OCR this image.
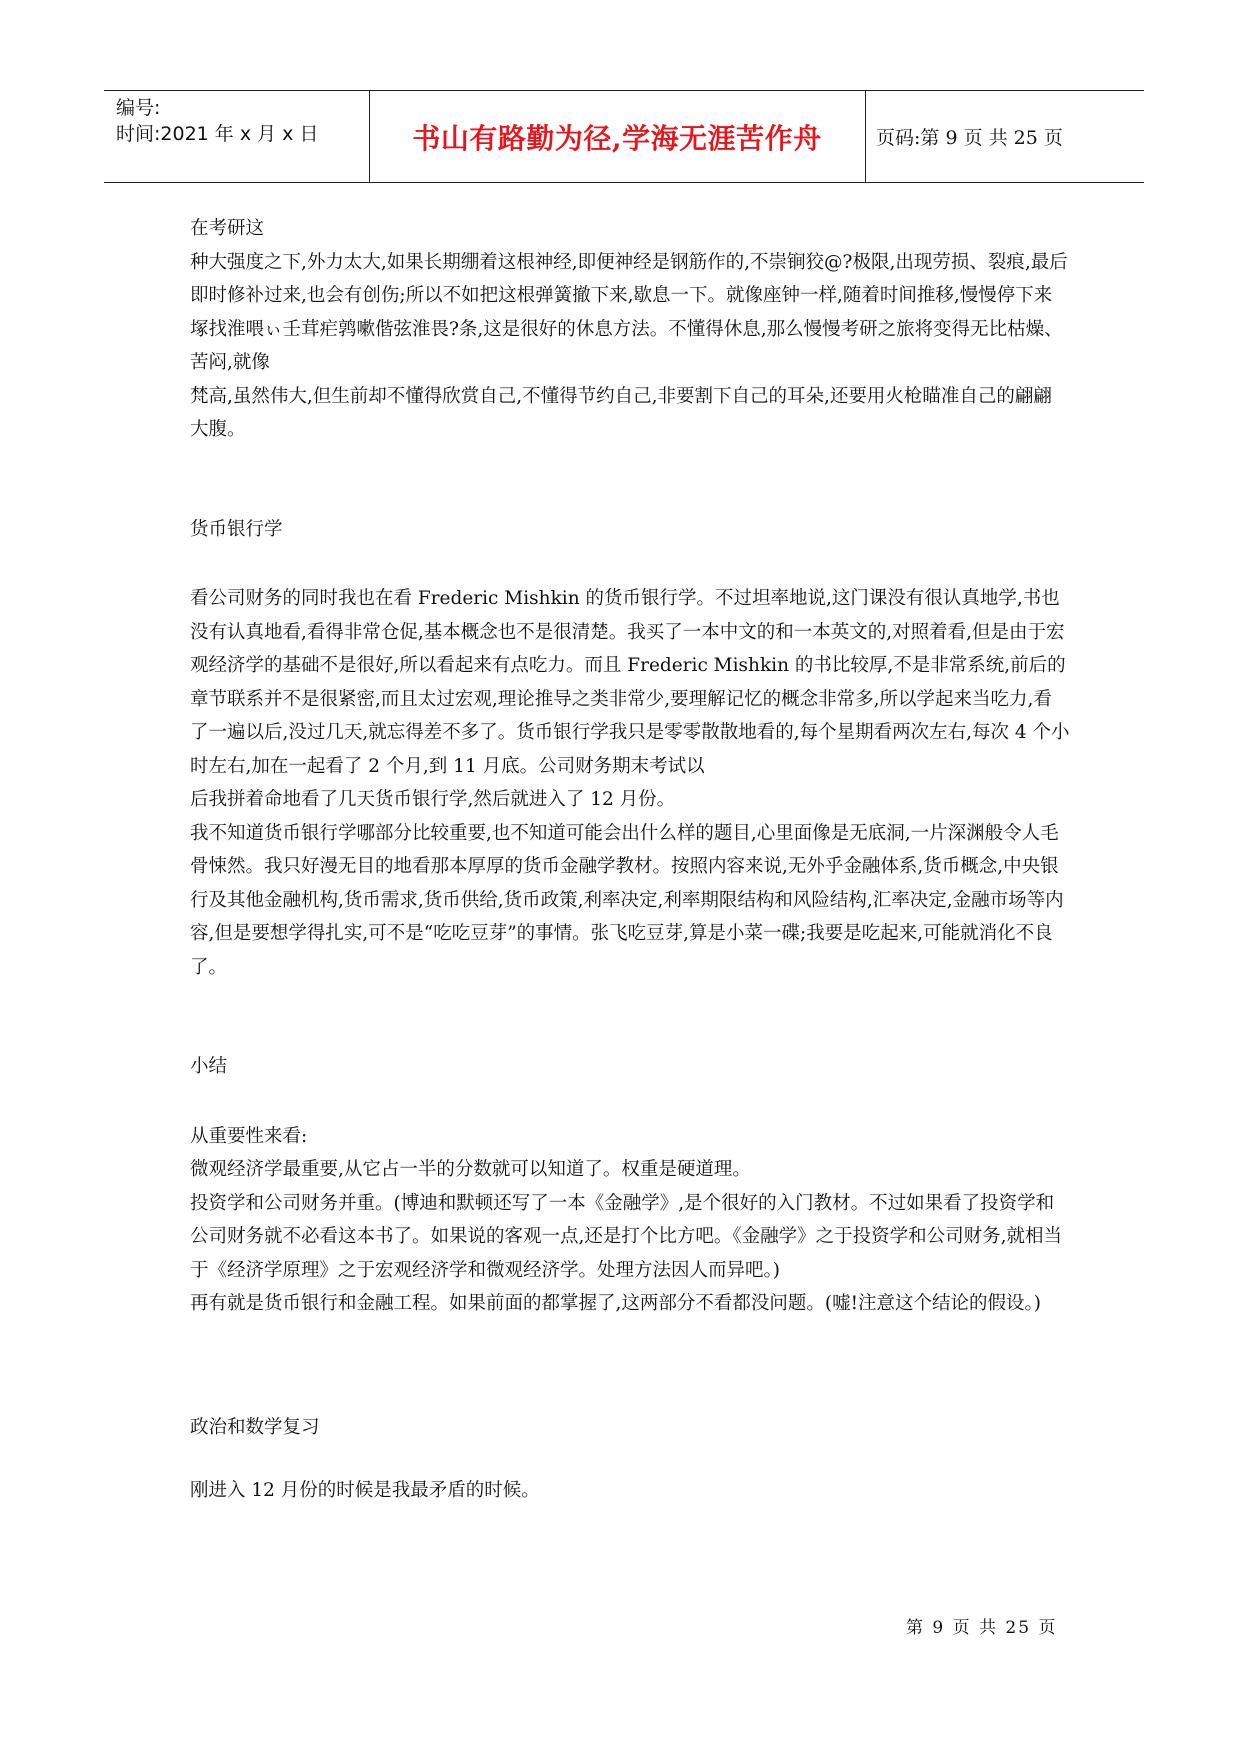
编号:
时间:2021 年 x 月 x 日	书山有路勤为径,学海无涯苦作舟	页码:第 9 页 共 25 页

在考研这

种大强度之下,外力太大,如果长期绷着这根神经,即便神经是钢筋作的,不崇锏狡@?极限,出现劳损、裂痕,最后即时修补过来,也会有创伤;所以不如把这根弹簧撤下来,歇息一下。就像座钟一样,随着时间推移,慢慢停下来塚找淮喂ぃ壬茸疟鹑嗽偕弦淮畏?条,这是很好的休息方法。不懂得休息,那么慢慢考研之旅将变得无比枯燥、苦闷,就像

梵高,虽然伟大,但生前却不懂得欣赏自己,不懂得节约自己,非要割下自己的耳朵,还要用火枪瞄准自己的翩翩大腹。

货币银行学

看公司财务的同时我也在看 Frederic Mishkin 的货币银行学。不过坦率地说,这门课没有很认真地学,书也没有认真地看,看得非常仓促,基本概念也不是很清楚。我买了一本中文的和一本英文的,对照着看,但是由于宏观经济学的基础不是很好,所以看起来有点吃力。而且 Frederic Mishkin 的书比较厚,不是非常系统,前后的章节联系并不是很紧密,而且太过宏观,理论推导之类非常少,要理解记忆的概念非常多,所以学起来当吃力,看了一遍以后,没过几天,就忘得差不多了。货币银行学我只是零零散散地看的,每个星期看两次左右,每次 4 个小时左右,加在一起看了 2 个月,到 11 月底。公司财务期末考试以

后我拼着命地看了几天货币银行学,然后就进入了 12 月份。

我不知道货币银行学哪部分比较重要,也不知道可能会出什么样的题目,心里面像是无底洞,一片深渊般令人毛骨悚然。我只好漫无目的地看那本厚厚的货币金融学教材。按照内容来说,无外乎金融体系,货币概念,中央银行及其他金融机构,货币需求,货币供给,货币政策,利率决定,利率期限结构和风险结构,汇率决定,金融市场等内容,但是要想学得扎实,可不是“吃吃豆芽”的事情。张飞吃豆芽,算是小菜一碟;我要是吃起来,可能就消化不良了。

小结

从重要性来看:

微观经济学最重要,从它占一半的分数就可以知道了。权重是硬道理。

投资学和公司财务并重。(博迪和默顿还写了一本《金融学》,是个很好的入门教材。不过如果看了投资学和公司财务就不必看这本书了。如果说的客观一点,还是打个比方吧。《金融学》之于投资学和公司财务,就相当于《经济学原理》之于宏观经济学和微观经济学。处理方法因人而异吧。)

再有就是货币银行和金融工程。如果前面的都掌握了,这两部分不看都没问题。(嘘!注意这个结论的假设。)

政治和数学复习

刚进入 12 月份的时候是我最矛盾的时候。

第 9 页 共 25 页
